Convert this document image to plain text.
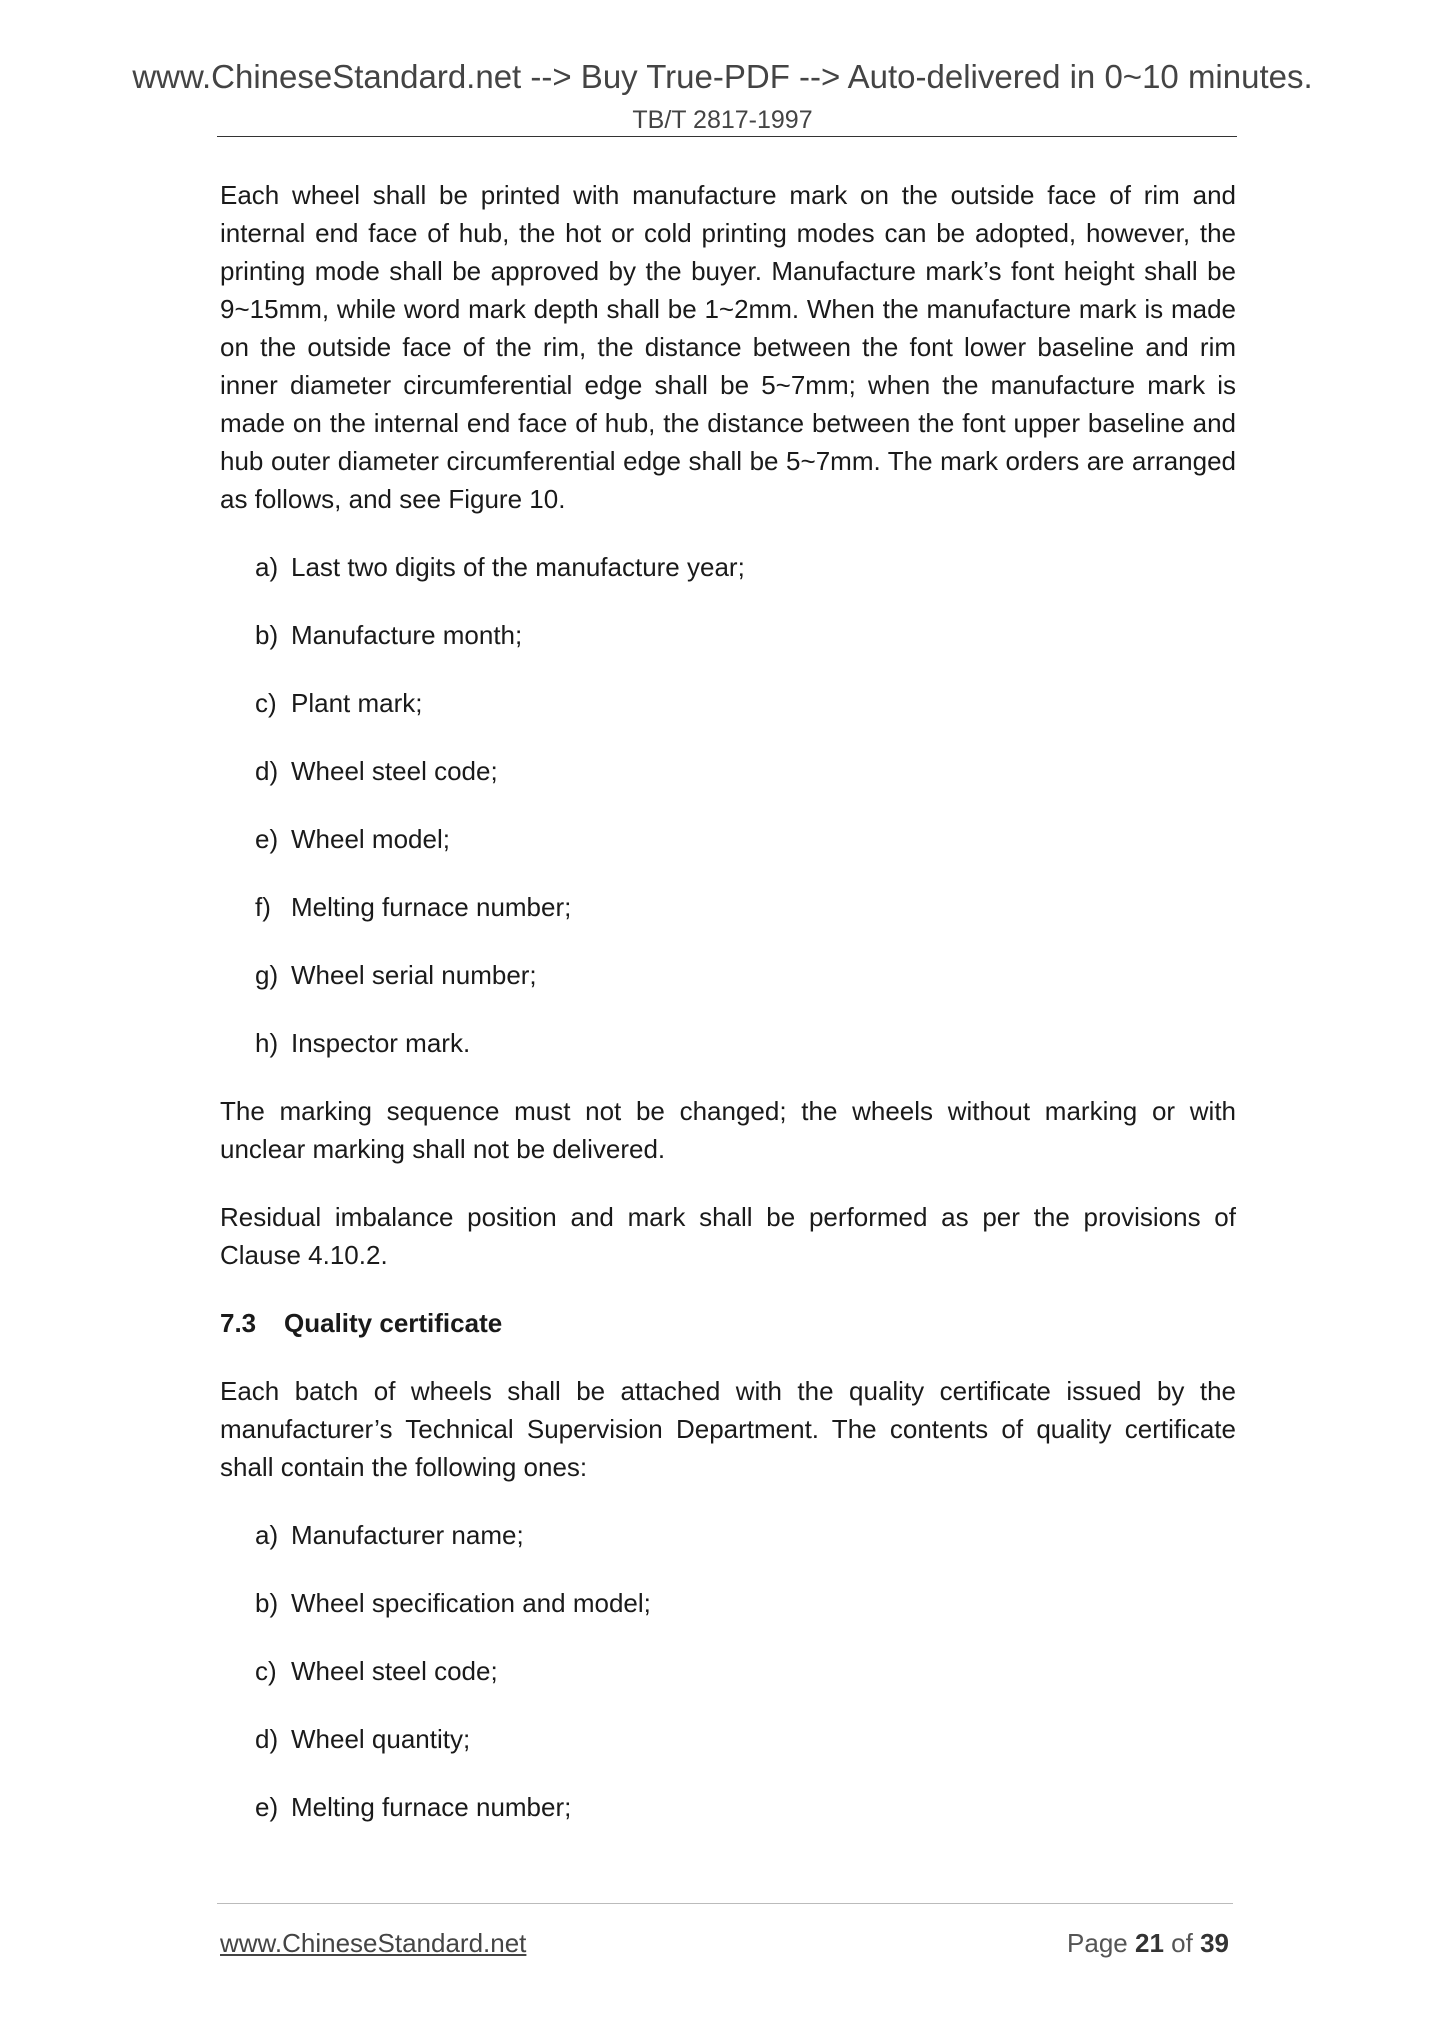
www.ChineseStandard.net --> Buy True-PDF --> Auto-delivered in 0~10 minutes.
TB/T 2817-1997

Each wheel shall be printed with manufacture mark on the outside face of rim and internal end face of hub, the hot or cold printing modes can be adopted, however, the printing mode shall be approved by the buyer. Manufacture mark’s font height shall be 9~15mm, while word mark depth shall be 1~2mm. When the manufacture mark is made on the outside face of the rim, the distance between the font lower baseline and rim inner diameter circumferential edge shall be 5~7mm; when the manufacture mark is made on the internal end face of hub, the distance between the font upper baseline and hub outer diameter circumferential edge shall be 5~7mm. The mark orders are arranged as follows, and see Figure 10.

a) Last two digits of the manufacture year;
b) Manufacture month;
c) Plant mark;
d) Wheel steel code;
e) Wheel model;
f) Melting furnace number;
g) Wheel serial number;
h) Inspector mark.

The marking sequence must not be changed; the wheels without marking or with unclear marking shall not be delivered.

Residual imbalance position and mark shall be performed as per the provisions of Clause 4.10.2.

7.3 Quality certificate

Each batch of wheels shall be attached with the quality certificate issued by the manufacturer’s Technical Supervision Department. The contents of quality certificate shall contain the following ones:

a) Manufacturer name;
b) Wheel specification and model;
c) Wheel steel code;
d) Wheel quantity;
e) Melting furnace number;
www.ChineseStandard.net	Page 21 of 39
